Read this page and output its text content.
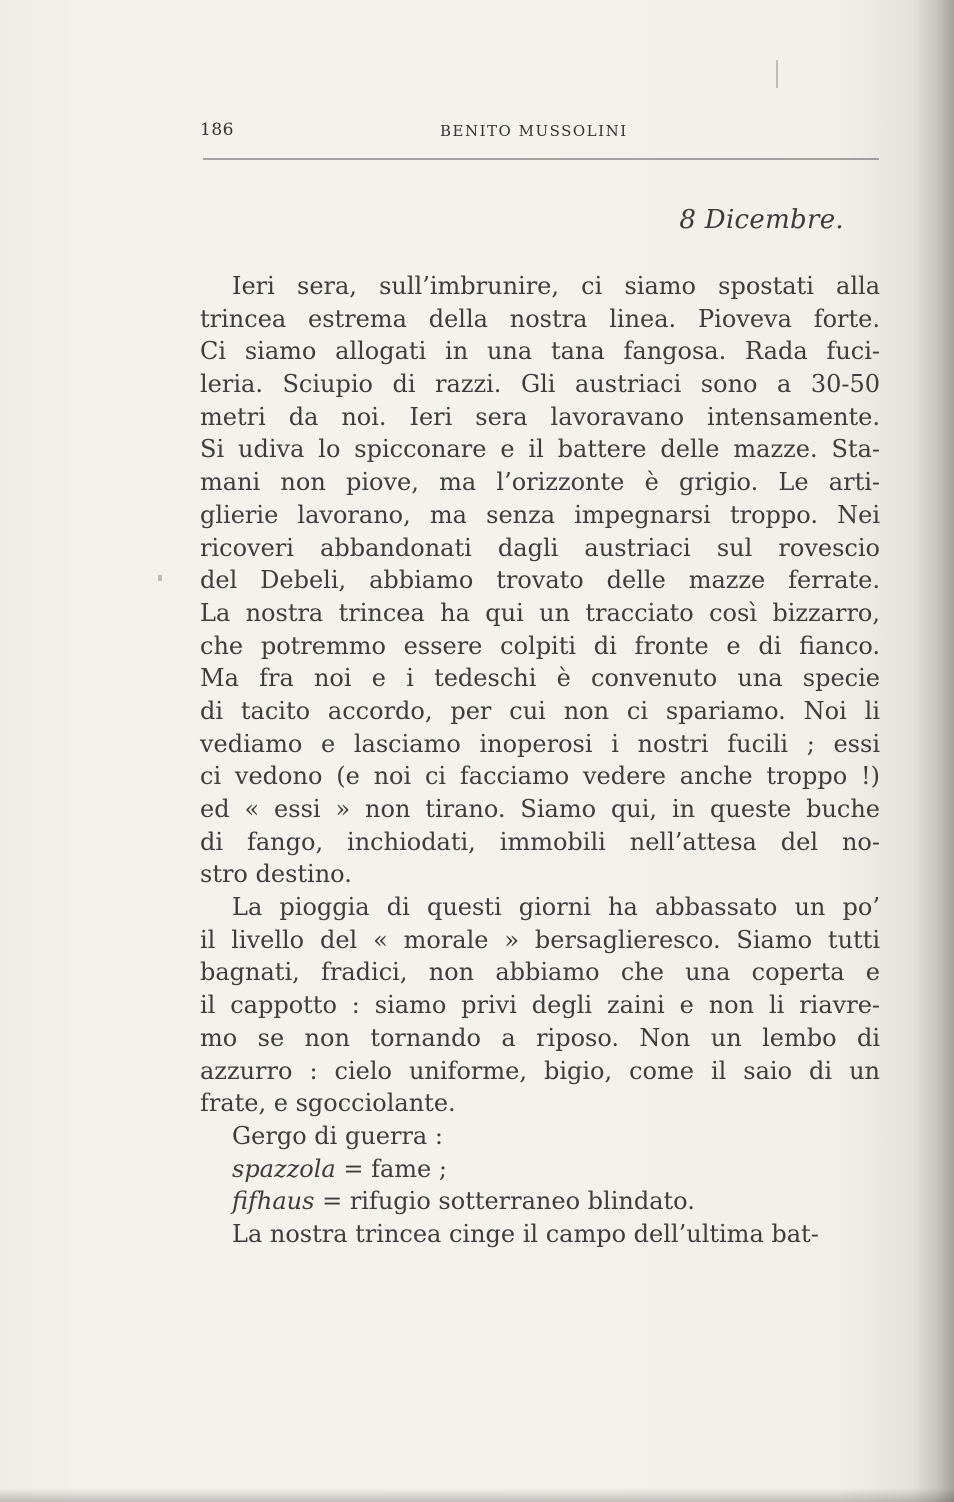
186	BENITO MUSSOLINI
8 Dicembre.
Ieri sera, sull’imbrunire, ci siamo spostati alla
trincea estrema della nostra linea. Pioveva forte.
Ci siamo allogati in una tana fangosa. Rada fuci-
leria. Sciupio di razzi. Gli austriaci sono a 30-50
metri da noi. Ieri sera lavoravano intensamente.
Si udiva lo spicconare e il battere delle mazze. Sta-
mani non piove, ma l’orizzonte è grigio. Le arti-
glierie lavorano, ma senza impegnarsi troppo. Nei
ricoveri abbandonati dagli austriaci sul rovescio
del Debeli, abbiamo trovato delle mazze ferrate.
La nostra trincea ha qui un tracciato così bizzarro,
che potremmo essere colpiti di fronte e di fianco.
Ma fra noi e i tedeschi è convenuto una specie
di tacito accordo, per cui non ci spariamo. Noi li
vediamo e lasciamo inoperosi i nostri fucili ; essi
ci vedono (e noi ci facciamo vedere anche troppo !)
ed « essi » non tirano. Siamo qui, in queste buche
di fango, inchiodati, immobili nell’attesa del no-
stro destino.
La pioggia di questi giorni ha abbassato un po’
il livello del « morale » bersaglieresco. Siamo tutti
bagnati, fradici, non abbiamo che una coperta e
il cappotto : siamo privi degli zaini e non li riavre-
mo se non tornando a riposo. Non un lembo di
azzurro : cielo uniforme, bigio, come il saio di un
frate, e sgocciolante.
Gergo di guerra :
spazzola = fame ;
fifhaus = rifugio sotterraneo blindato.
La nostra trincea cinge il campo dell’ultima bat-
